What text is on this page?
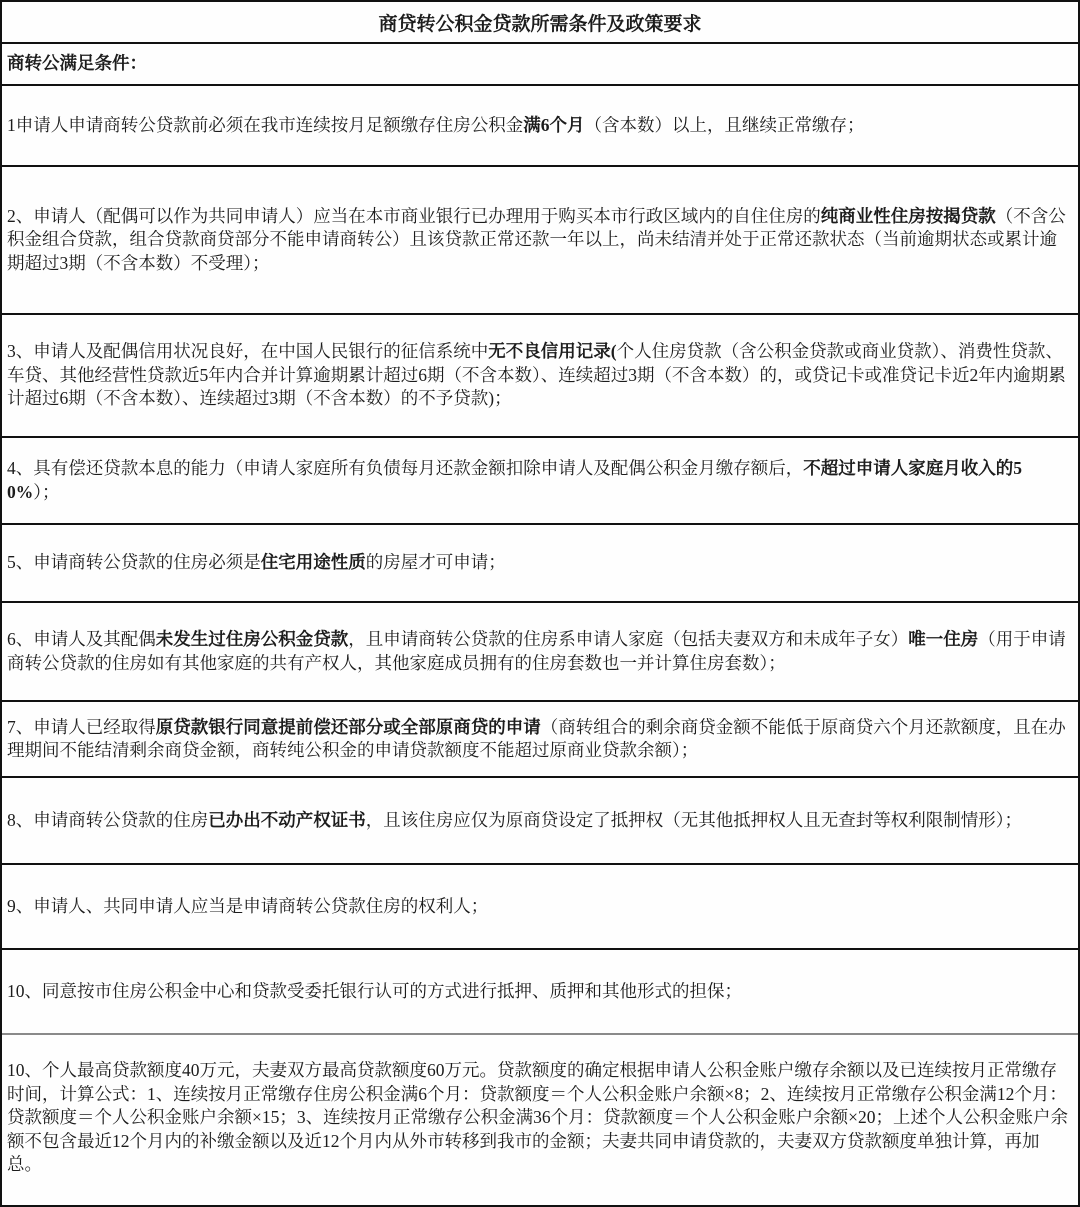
商贷转公积金贷款所需条件及政策要求

商转公满足条件：

1申请人申请商转公贷款前必须在我市连续按月足额缴存住房公积金满6个月（含本数）以上，且继续正常缴存；

2、申请人（配偶可以作为共同申请人）应当在本市商业银行已办理用于购买本市行政区域内的自住住房的纯商业性住房按揭贷款（不含公积金组合贷款，组合贷款商贷部分不能申请商转公）且该贷款正常还款一年以上，尚未结清并处于正常还款状态（当前逾期状态或累计逾期超过3期（不含本数）不受理）；

3、申请人及配偶信用状况良好，在中国人民银行的征信系统中无不良信用记录(个人住房贷款（含公积金贷款或商业贷款）、消费性贷款、车贷、其他经营性贷款近5年内合并计算逾期累计超过6期（不含本数）、连续超过3期（不含本数）的，或贷记卡或准贷记卡近2年内逾期累计超过6期（不含本数）、连续超过3期（不含本数）的不予贷款)；

4、具有偿还贷款本息的能力（申请人家庭所有负债每月还款金额扣除申请人及配偶公积金月缴存额后，不超过申请人家庭月收入的50%）；

5、申请商转公贷款的住房必须是住宅用途性质的房屋才可申请；

6、申请人及其配偶未发生过住房公积金贷款，且申请商转公贷款的住房系申请人家庭（包括夫妻双方和未成年子女）唯一住房（用于申请商转公贷款的住房如有其他家庭的共有产权人，其他家庭成员拥有的住房套数也一并计算住房套数）；

7、申请人已经取得原贷款银行同意提前偿还部分或全部原商贷的申请（商转组合的剩余商贷金额不能低于原商贷六个月还款额度，且在办理期间不能结清剩余商贷金额，商转纯公积金的申请贷款额度不能超过原商业贷款余额）；

8、申请商转公贷款的住房已办出不动产权证书，且该住房应仅为原商贷设定了抵押权（无其他抵押权人且无查封等权利限制情形）；

9、申请人、共同申请人应当是申请商转公贷款住房的权利人；

10、同意按市住房公积金中心和贷款受委托银行认可的方式进行抵押、质押和其他形式的担保；

10、个人最高贷款额度40万元，夫妻双方最高贷款额度60万元。贷款额度的确定根据申请人公积金账户缴存余额以及已连续按月正常缴存时间，计算公式：1、连续按月正常缴存住房公积金满6个月：贷款额度＝个人公积金账户余额×8；2、连续按月正常缴存公积金满12个月：贷款额度＝个人公积金账户余额×15；3、连续按月正常缴存公积金满36个月：贷款额度＝个人公积金账户余额×20；上述个人公积金账户余额不包含最近12个月内的补缴金额以及近12个月内从外市转移到我市的金额；夫妻共同申请贷款的，夫妻双方贷款额度单独计算，再加总。
